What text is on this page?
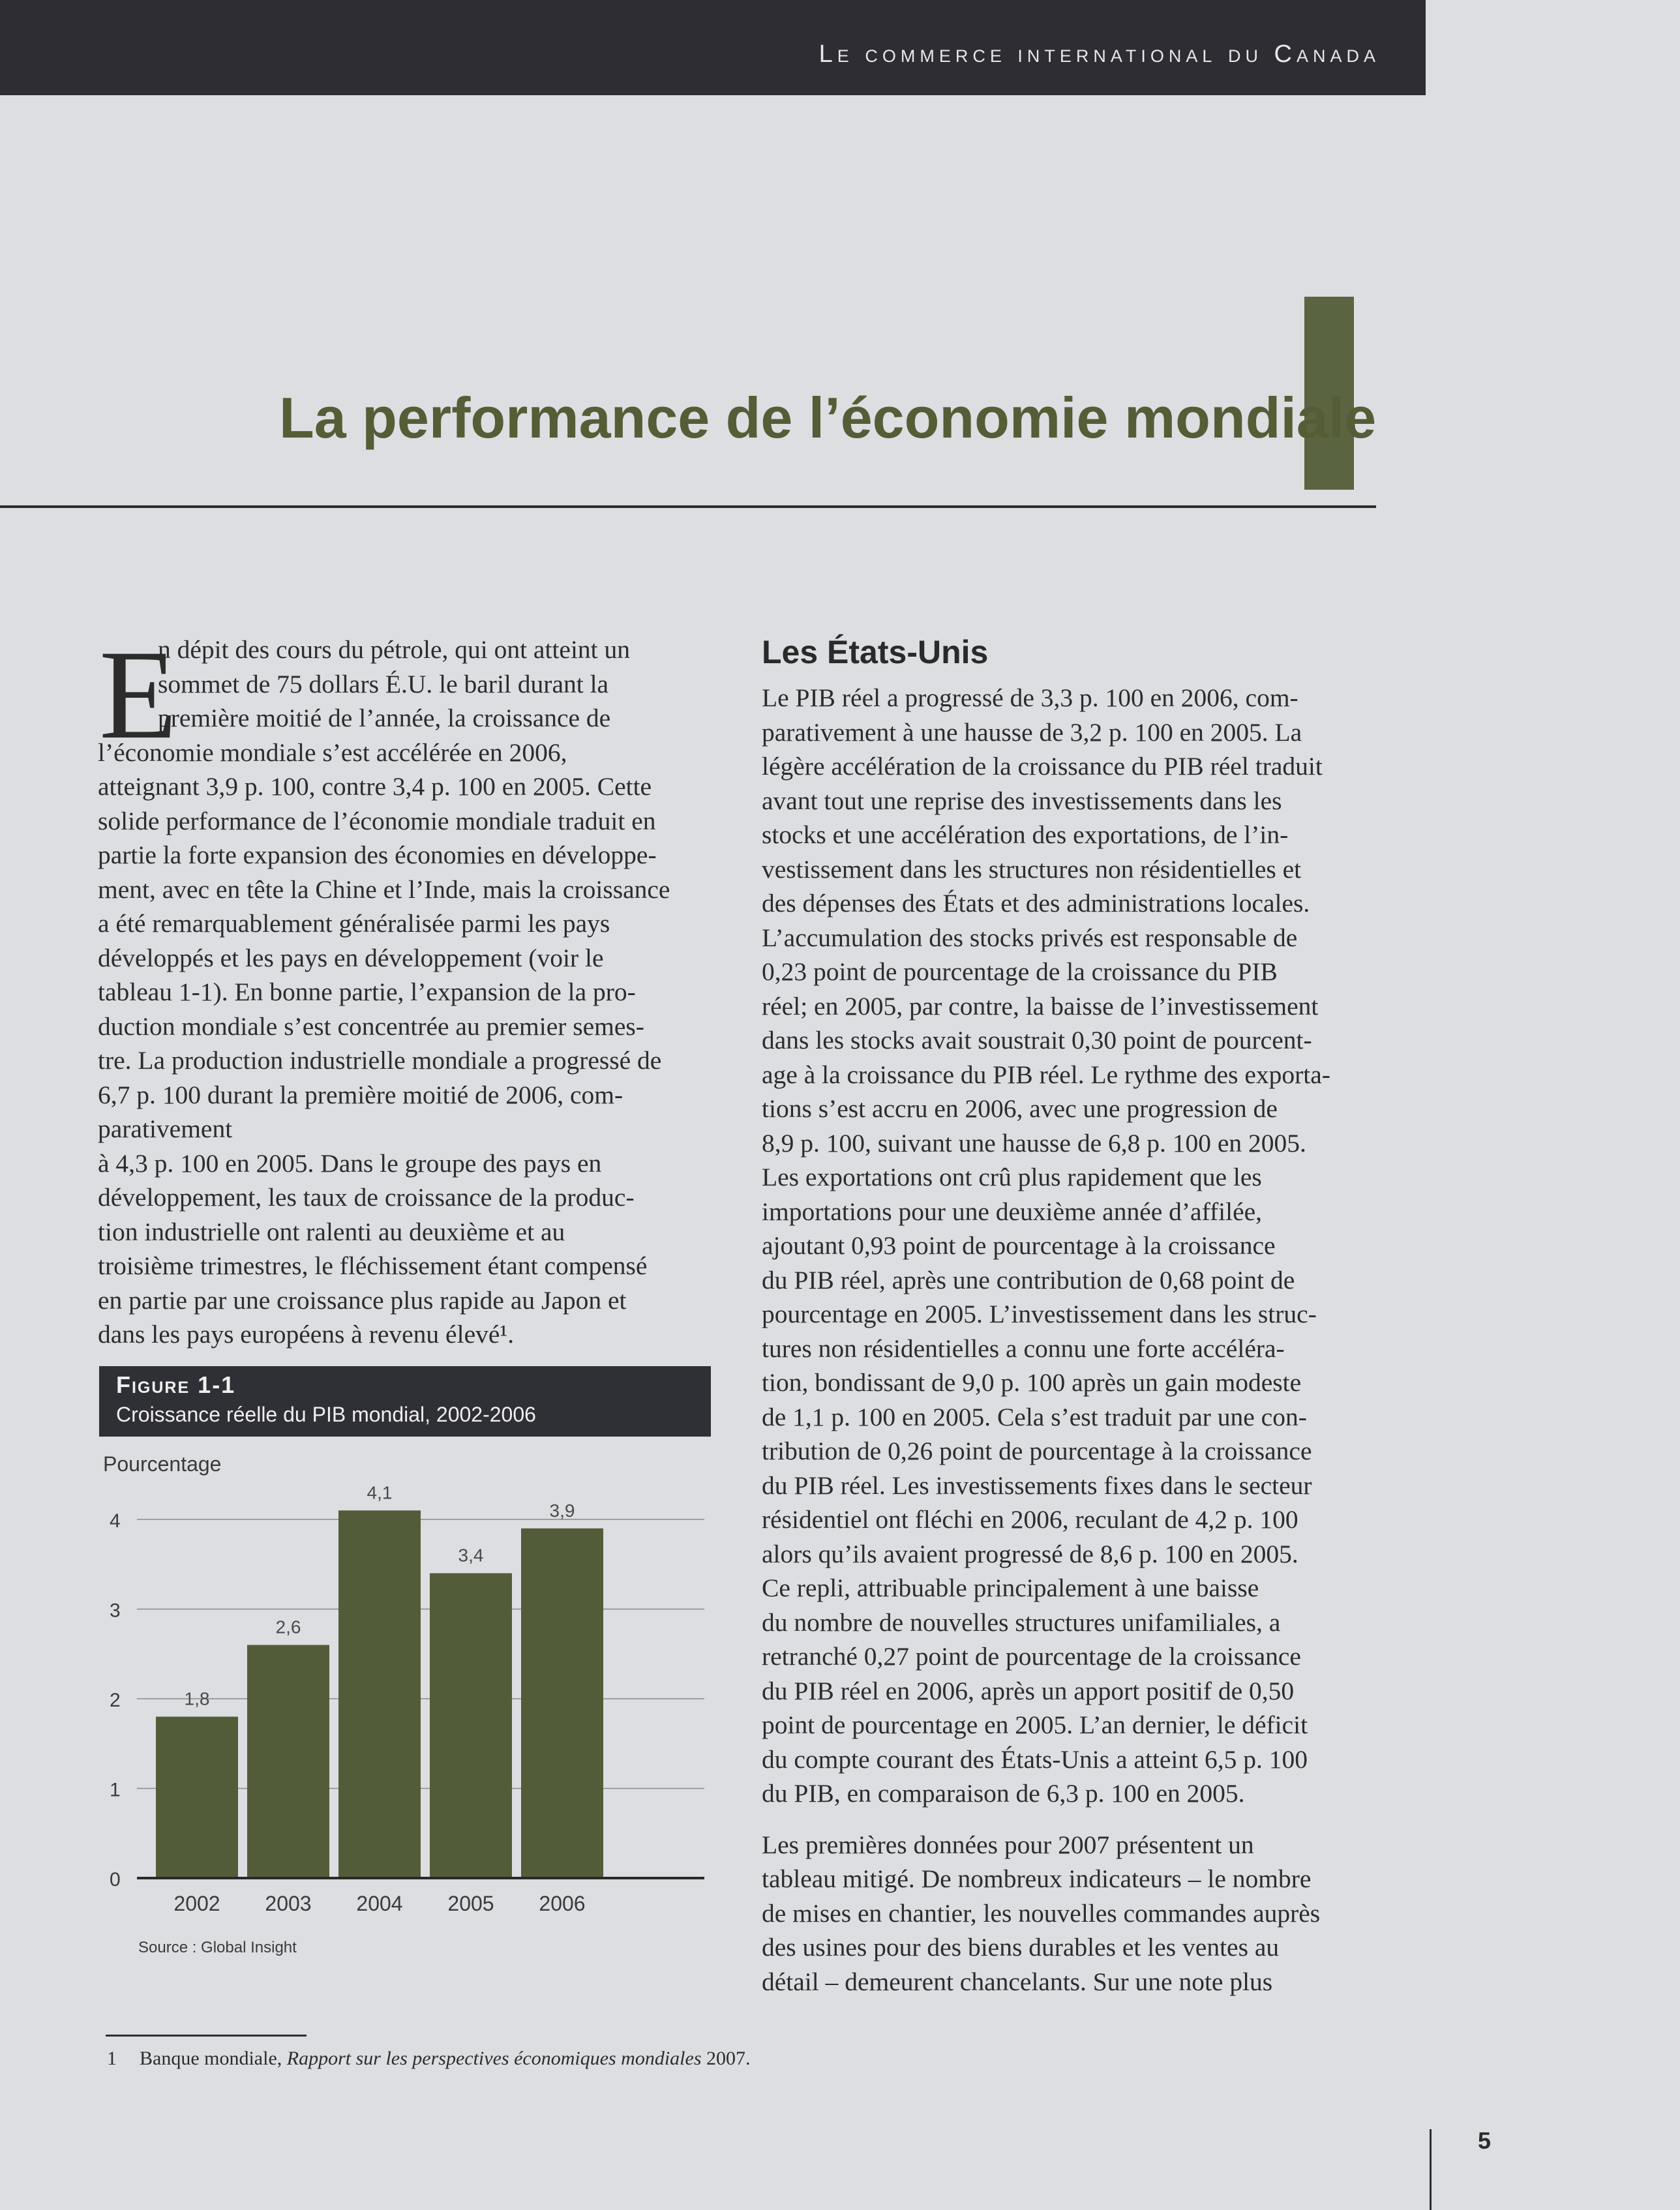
Le commerce international du Canada
La performance de l’économie mondiale
E
n dépit des cours du pétrole, qui ont atteint un
sommet de 75 dollars É.U. le baril durant la
première moitié de l’année, la croissance de
l’économie mondiale s’est accélérée en 2006,
atteignant 3,9 p. 100, contre 3,4 p. 100 en 2005. Cette
solide performance de l’économie mondiale traduit en
partie la forte expansion des économies en développe-
ment, avec en tête la Chine et l’Inde, mais la croissance
a été remarquablement généralisée parmi les pays
développés et les pays en développement (voir le
tableau 1-1). En bonne partie, l’expansion de la pro-
duction mondiale s’est concentrée au premier semes-
tre. La production industrielle mondiale a progressé de
6,7 p. 100 durant la première moitié de 2006, com-
parativement
à 4,3 p. 100 en 2005. Dans le groupe des pays en
développement, les taux de croissance de la produc-
tion industrielle ont ralenti au deuxième et au
troisième trimestres, le fléchissement étant compensé
en partie par une croissance plus rapide au Japon et
dans les pays européens à revenu élevé¹.
Figure 1-1
Croissance réelle du PIB mondial, 2002-2006
Pourcentage
0
1
2
3
4
1,8
2002
2,6
2003
4,1
2004
3,4
2005
3,9
2006
Source : Global Insight
Les États-Unis
Le PIB réel a progressé de 3,3 p. 100 en 2006, com-
parativement à une hausse de 3,2 p. 100 en 2005. La
légère accélération de la croissance du PIB réel traduit
avant tout une reprise des investissements dans les
stocks et une accélération des exportations, de l’in-
vestissement dans les structures non résidentielles et
des dépenses des États et des administrations locales.
L’accumulation des stocks privés est responsable de
0,23 point de pourcentage de la croissance du PIB
réel; en 2005, par contre, la baisse de l’investissement
dans les stocks avait soustrait 0,30 point de pourcent-
age à la croissance du PIB réel. Le rythme des exporta-
tions s’est accru en 2006, avec une progression de
8,9 p. 100, suivant une hausse de 6,8 p. 100 en 2005.
Les exportations ont crû plus rapidement que les
importations pour une deuxième année d’affilée,
ajoutant 0,93 point de pourcentage à la croissance
du PIB réel, après une contribution de 0,68 point de
pourcentage en 2005. L’investissement dans les struc-
tures non résidentielles a connu une forte accéléra-
tion, bondissant de 9,0 p. 100 après un gain modeste
de 1,1 p. 100 en 2005. Cela s’est traduit par une con-
tribution de 0,26 point de pourcentage à la croissance
du PIB réel. Les investissements fixes dans le secteur
résidentiel ont fléchi en 2006, reculant de 4,2 p. 100
alors qu’ils avaient progressé de 8,6 p. 100 en 2005.
Ce repli, attribuable principalement à une baisse
du nombre de nouvelles structures unifamiliales, a
retranché 0,27 point de pourcentage de la croissance
du PIB réel en 2006, après un apport positif de 0,50
point de pourcentage en 2005. L’an dernier, le déficit
du compte courant des États-Unis a atteint 6,5 p. 100
du PIB, en comparaison de 6,3 p. 100 en 2005.
Les premières données pour 2007 présentent un
tableau mitigé. De nombreux indicateurs – le nombre
de mises en chantier, les nouvelles commandes auprès
des usines pour des biens durables et les ventes au
détail – demeurent chancelants. Sur une note plus
1 Banque mondiale, Rapport sur les perspectives économiques mondiales 2007.
5
